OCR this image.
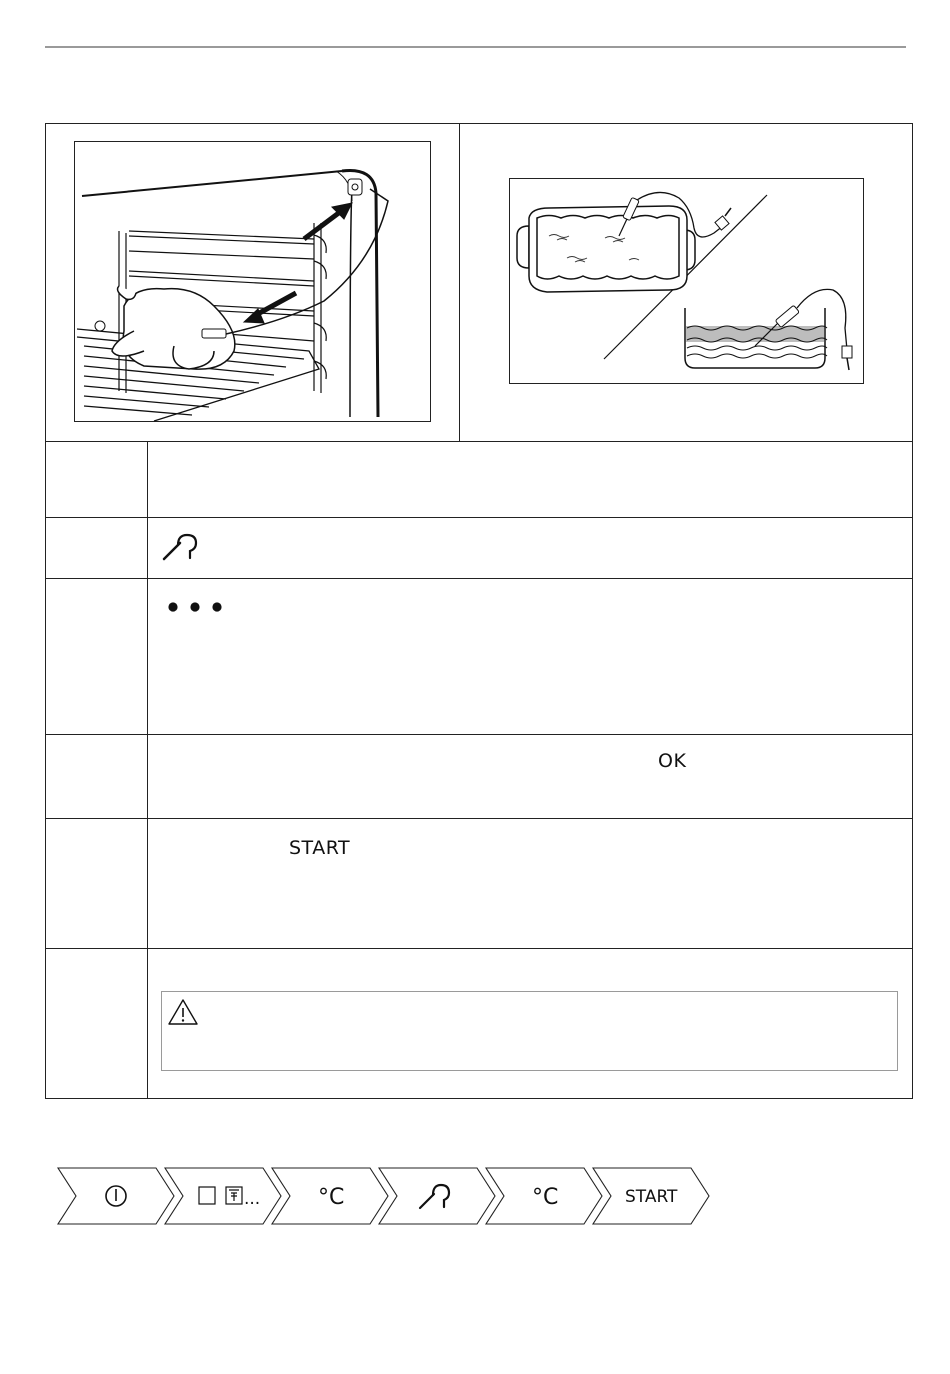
OK
START
...	°C	°C	START
